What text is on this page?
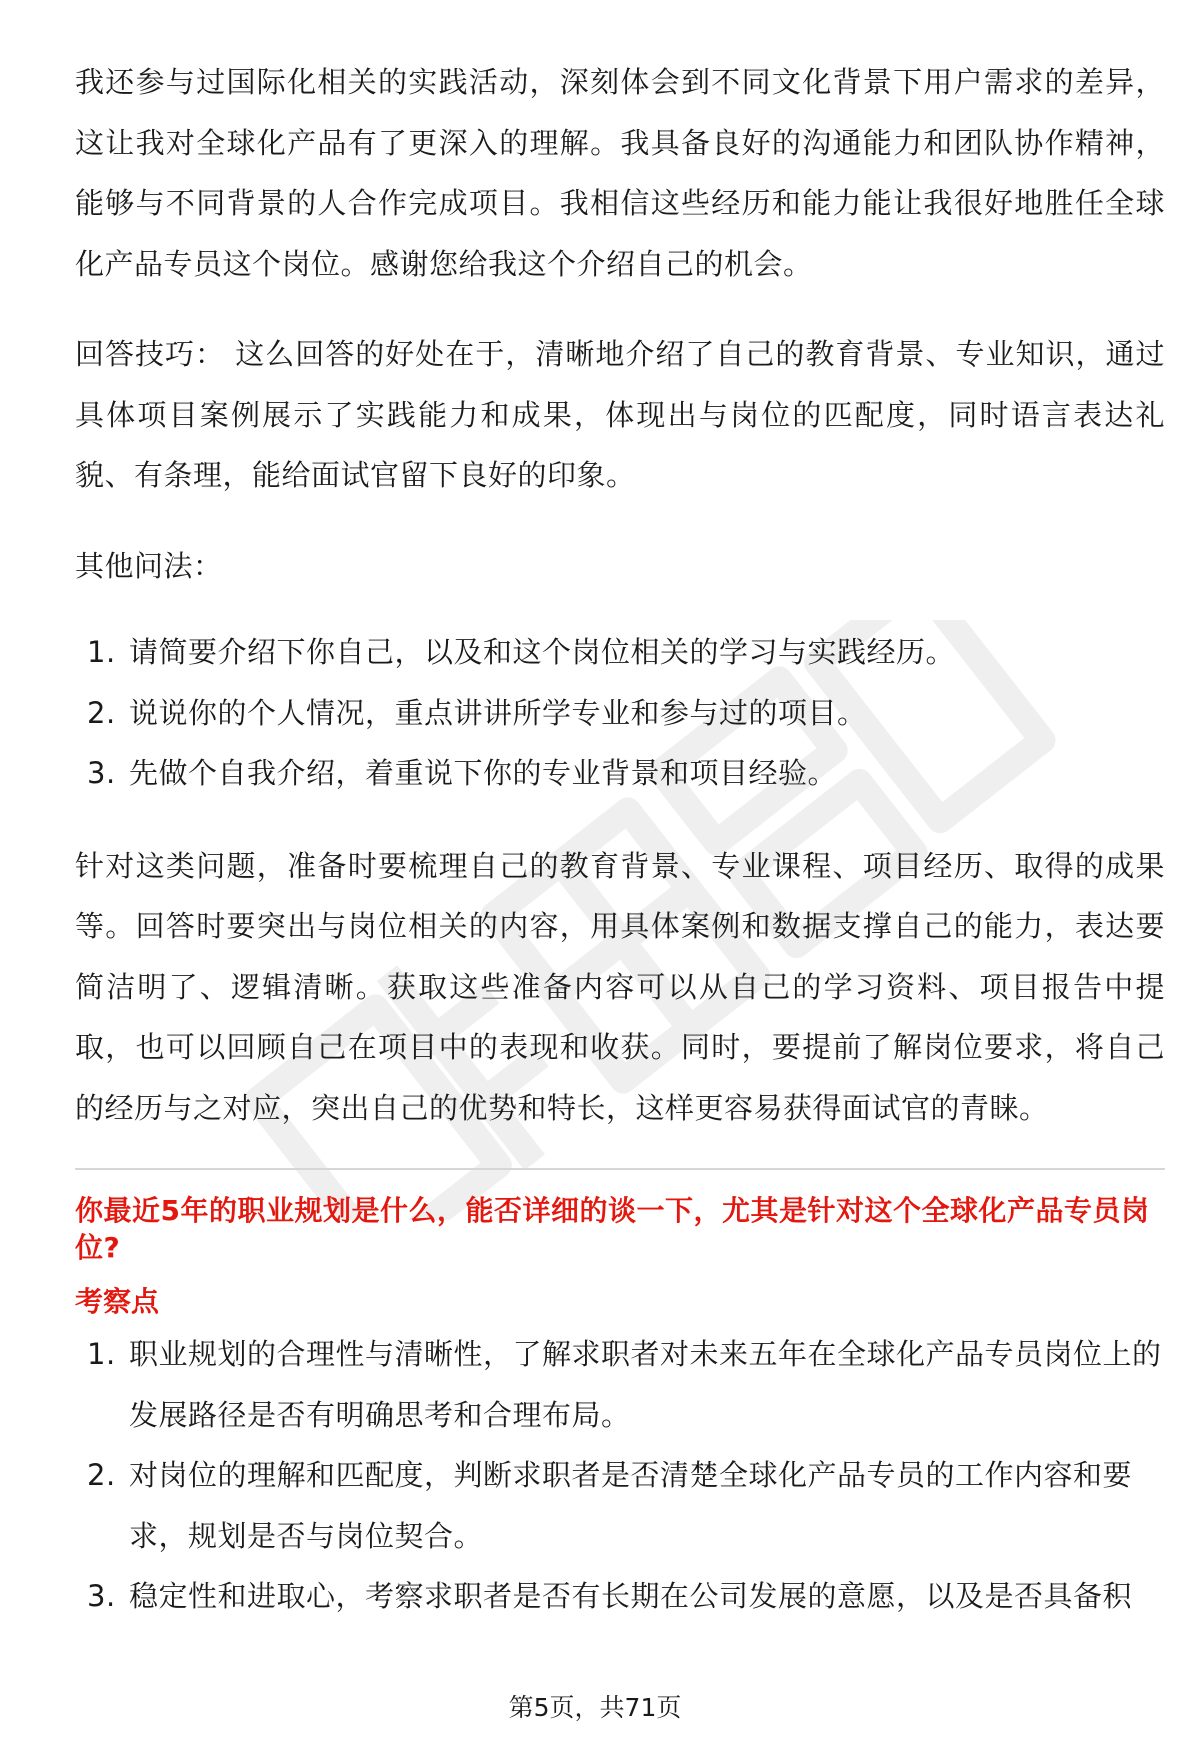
我还参与过国际化相关的实践活动，深刻体会到不同文化背景下用户需求的差异，这让我对全球化产品有了更深入的理解。我具备良好的沟通能力和团队协作精神，能够与不同背景的人合作完成项目。我相信这些经历和能力能让我很好地胜任全球化产品专员这个岗位。感谢您给我这个介绍自己的机会。

回答技巧： 这么回答的好处在于，清晰地介绍了自己的教育背景、专业知识，通过具体项目案例展示了实践能力和成果，体现出与岗位的匹配度，同时语言表达礼貌、有条理，能给面试官留下良好的印象。

其他问法：

1. 请简要介绍下你自己，以及和这个岗位相关的学习与实践经历。
2. 说说你的个人情况，重点讲讲所学专业和参与过的项目。
3. 先做个自我介绍，着重说下你的专业背景和项目经验。

针对这类问题，准备时要梳理自己的教育背景、专业课程、项目经历、取得的成果等。回答时要突出与岗位相关的内容，用具体案例和数据支撑自己的能力，表达要简洁明了、逻辑清晰。获取这些准备内容可以从自己的学习资料、项目报告中提取，也可以回顾自己在项目中的表现和收获。同时，要提前了解岗位要求，将自己的经历与之对应，突出自己的优势和特长，这样更容易获得面试官的青睐。

你最近5年的职业规划是什么，能否详细的谈一下，尤其是针对这个全球化产品专员岗位?
考察点
1. 职业规划的合理性与清晰性，了解求职者对未来五年在全球化产品专员岗位上的发展路径是否有明确思考和合理布局。
2. 对岗位的理解和匹配度，判断求职者是否清楚全球化产品专员的工作内容和要求，规划是否与岗位契合。
3. 稳定性和进取心，考察求职者是否有长期在公司发展的意愿，以及是否具备积
第5页，共71页
